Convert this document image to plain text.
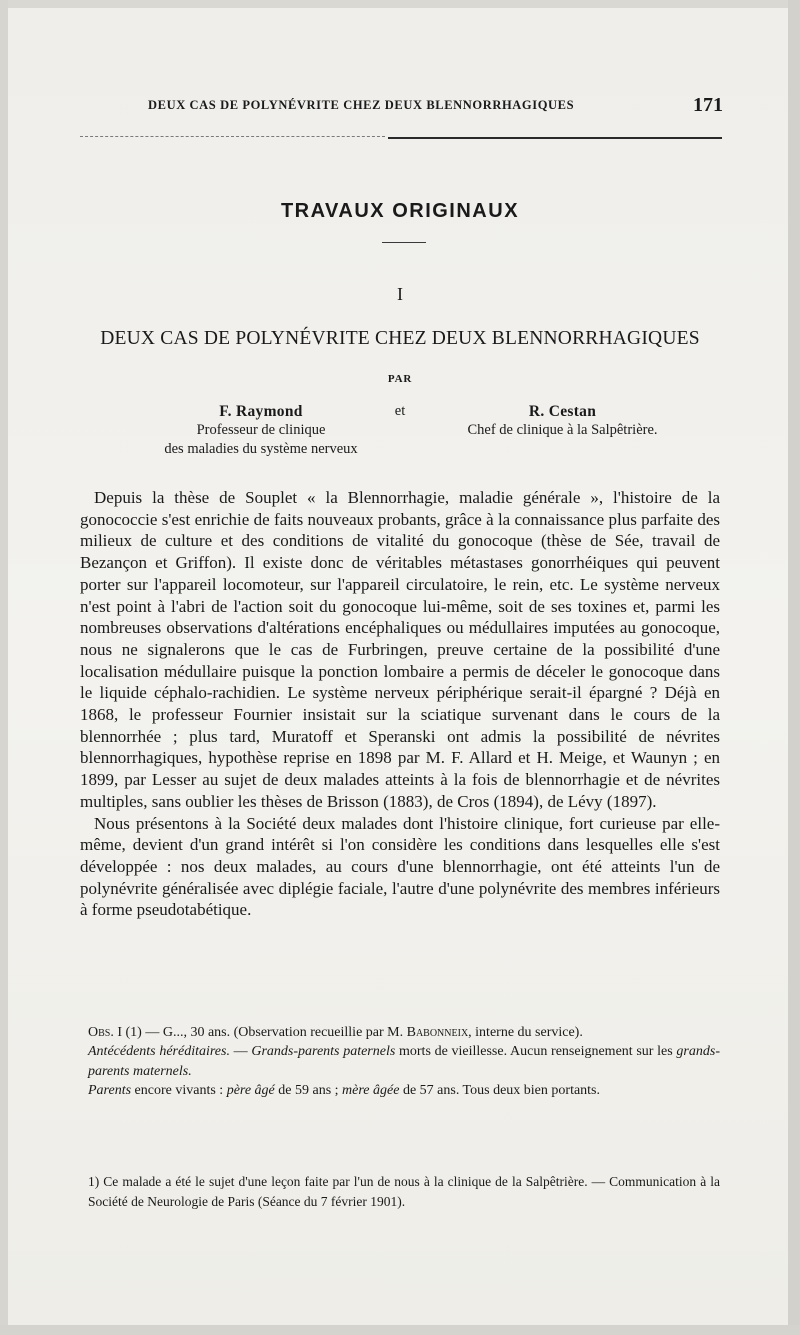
DEUX CAS DE POLYNÉVRITE CHEZ DEUX BLENNORRHAGIQUES	171
TRAVAUX ORIGINAUX
I
DEUX CAS DE POLYNÉVRITE CHEZ DEUX BLENNORRHAGIQUES
PAR
F. Raymond
Professeur de clinique
des maladies du système nerveux
et	R. Cestan
Chef de clinique à la Salpêtrière.

Depuis la thèse de Souplet « la Blennorrhagie, maladie générale », l'histoire de la gonococcie s'est enrichie de faits nouveaux probants, grâce à la connaissance plus parfaite des milieux de culture et des conditions de vitalité du gonocoque (thèse de Sée, travail de Bezançon et Griffon). Il existe donc de véritables métastases gonorrhéiques qui peuvent porter sur l'appareil locomoteur, sur l'appareil circulatoire, le rein, etc. Le système nerveux n'est point à l'abri de l'action soit du gonocoque lui-même, soit de ses toxines et, parmi les nombreuses observations d'altérations encéphaliques ou médullaires imputées au gonocoque, nous ne signalerons que le cas de Furbringen, preuve certaine de la possibilité d'une localisation médullaire puisque la ponction lombaire a permis de déceler le gonocoque dans le liquide céphalo-rachidien. Le système nerveux périphérique serait-il épargné ? Déjà en 1868, le professeur Fournier insistait sur la sciatique survenant dans le cours de la blennorrhée ; plus tard, Muratoff et Speranski ont admis la possibilité de névrites blennorrhagiques, hypothèse reprise en 1898 par M. F. Allard et H. Meige, et Waunyn ; en 1899, par Lesser au sujet de deux malades atteints à la fois de blennorrhagie et de névrites multiples, sans oublier les thèses de Brisson (1883), de Cros (1894), de Lévy (1897).

Nous présentons à la Société deux malades dont l'histoire clinique, fort curieuse par elle-même, devient d'un grand intérêt si l'on considère les conditions dans lesquelles elle s'est développée : nos deux malades, au cours d'une blennorrhagie, ont été atteints l'un de polynévrite généralisée avec diplégie faciale, l'autre d'une polynévrite des membres inférieurs à forme pseudotabétique.

Obs. I (1) — G..., 30 ans. (Observation recueillie par M. Babonneix, interne du service).

Antécédents héréditaires. — Grands-parents paternels morts de vieillesse. Aucun renseignement sur les grands-parents maternels.

Parents encore vivants : père âgé de 59 ans ; mère âgée de 57 ans. Tous deux bien portants.

1) Ce malade a été le sujet d'une leçon faite par l'un de nous à la clinique de la Salpêtrière. — Communication à la Société de Neurologie de Paris (Séance du 7 février 1901).
